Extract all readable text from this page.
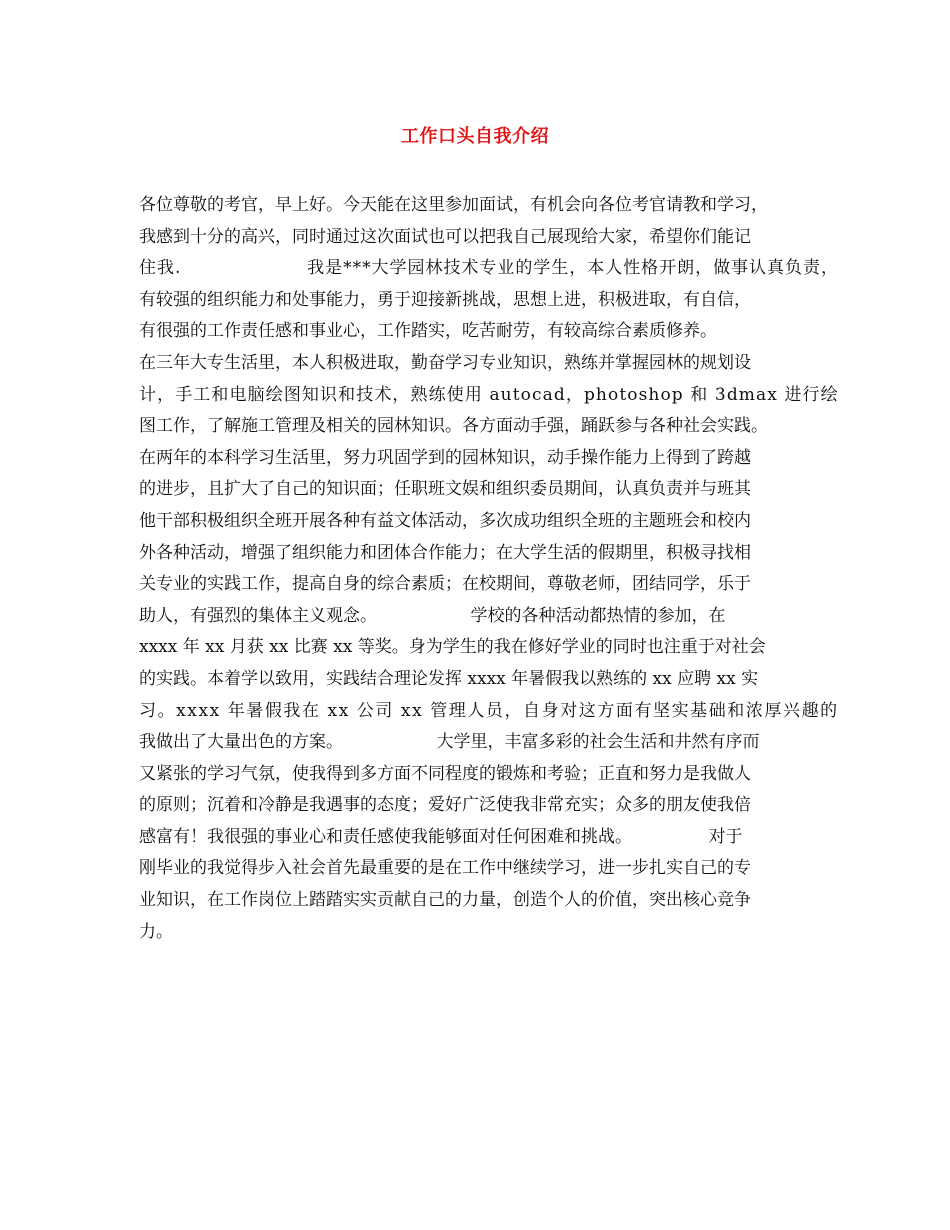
工作口头自我介绍
各位尊敬的考官，早上好。今天能在这里参加面试，有机会向各位考官请教和学习，
我感到十分的高兴，同时通过这次面试也可以把我自己展现给大家，希望你们能记
住我.　　　　　　　我是***大学园林技术专业的学生，本人性格开朗，做事认真负责，
有较强的组织能力和处事能力，勇于迎接新挑战，思想上进，积极进取，有自信，
有很强的工作责任感和事业心，工作踏实，吃苦耐劳，有较高综合素质修养。
在三年大专生活里，本人积极进取，勤奋学习专业知识，熟练并掌握园林的规划设
计，手工和电脑绘图知识和技术，熟练使用 autocad，photoshop 和 3dmax 进行绘
图工作，了解施工管理及相关的园林知识。各方面动手强，踊跃参与各种社会实践。
在两年的本科学习生活里，努力巩固学到的园林知识，动手操作能力上得到了跨越
的进步，且扩大了自己的知识面；任职班文娱和组织委员期间，认真负责并与班其
他干部积极组织全班开展各种有益文体活动，多次成功组织全班的主题班会和校内
外各种活动，增强了组织能力和团体合作能力；在大学生活的假期里，积极寻找相
关专业的实践工作，提高自身的综合素质；在校期间，尊敬老师，团结同学，乐于
助人，有强烈的集体主义观念。　　　　　　学校的各种活动都热情的参加，在
xxxx 年 xx 月获 xx 比赛 xx 等奖。身为学生的我在修好学业的同时也注重于对社会
的实践。本着学以致用，实践结合理论发挥 xxxx 年暑假我以熟练的 xx 应聘 xx 实
习。xxxx 年暑假我在 xx 公司 xx 管理人员，自身对这方面有坚实基础和浓厚兴趣的
我做出了大量出色的方案。　　　　　　大学里，丰富多彩的社会生活和井然有序而
又紧张的学习气氛，使我得到多方面不同程度的锻炼和考验；正直和努力是我做人
的原则；沉着和冷静是我遇事的态度；爱好广泛使我非常充实；众多的朋友使我倍
感富有！我很强的事业心和责任感使我能够面对任何困难和挑战。　　　　　对于
刚毕业的我觉得步入社会首先最重要的是在工作中继续学习，进一步扎实自己的专
业知识，在工作岗位上踏踏实实贡献自己的力量，创造个人的价值，突出核心竞争
力。
